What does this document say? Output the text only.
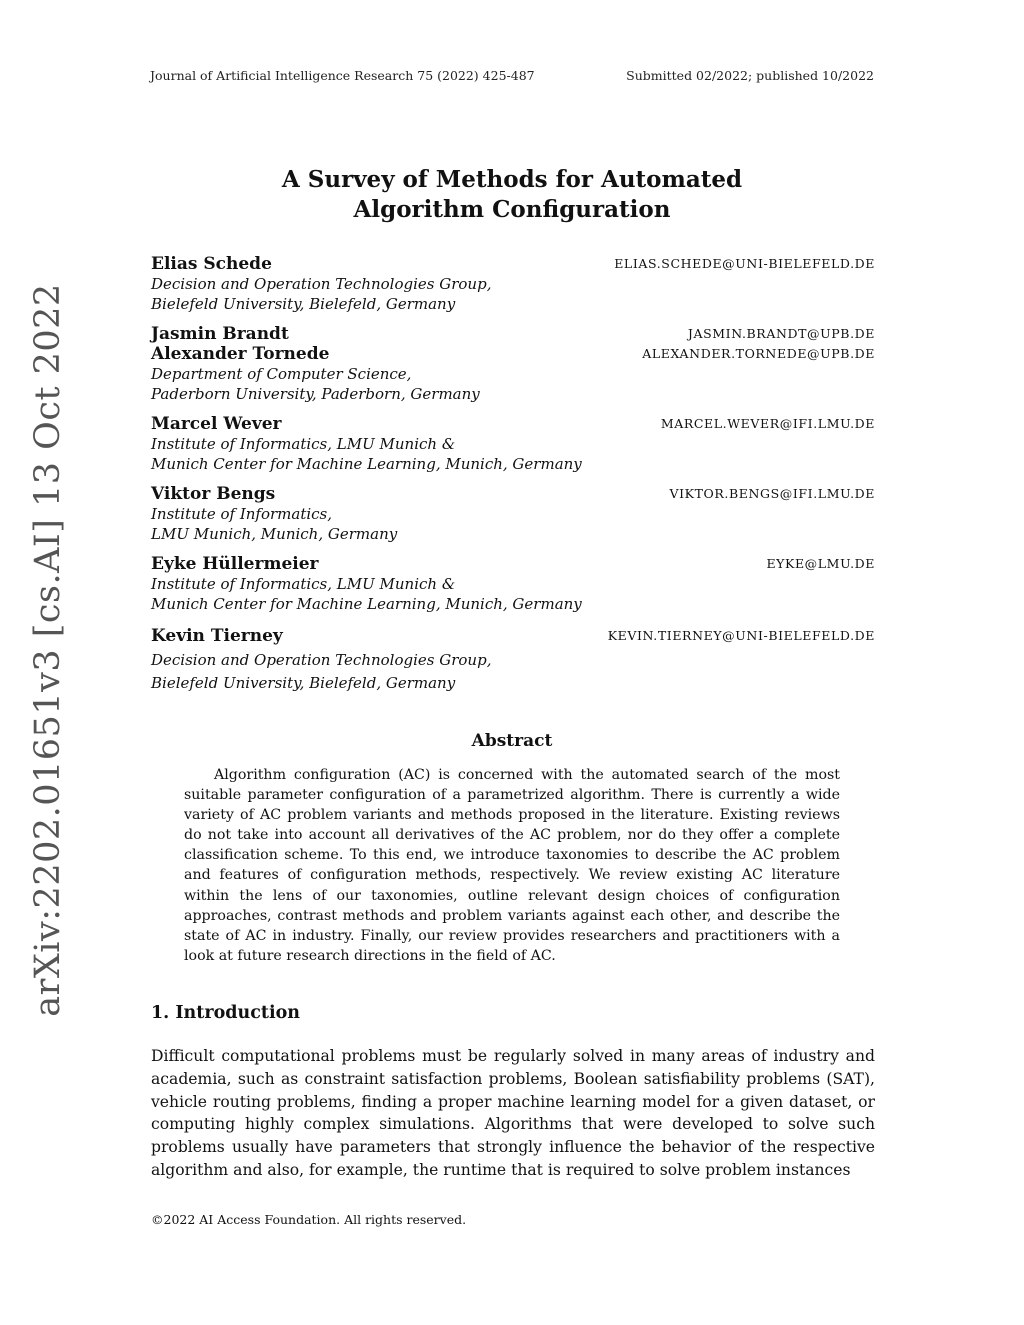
Journal of Artificial Intelligence Research 75 (2022) 425-487	Submitted 02/2022; published 10/2022
arXiv:2202.01651v3 [cs.AI] 13 Oct 2022
A Survey of Methods for Automated
Algorithm Configuration
Elias Schede	ELIAS.SCHEDE@UNI-BIELEFELD.DE
Decision and Operation Technologies Group,
Bielefeld University, Bielefeld, Germany
Jasmin Brandt	JASMIN.BRANDT@UPB.DE
Alexander Tornede	ALEXANDER.TORNEDE@UPB.DE
Department of Computer Science,
Paderborn University, Paderborn, Germany
Marcel Wever	MARCEL.WEVER@IFI.LMU.DE
Institute of Informatics, LMU Munich &
Munich Center for Machine Learning, Munich, Germany
Viktor Bengs	VIKTOR.BENGS@IFI.LMU.DE
Institute of Informatics,
LMU Munich, Munich, Germany
Eyke Hüllermeier	EYKE@LMU.DE
Institute of Informatics, LMU Munich &
Munich Center for Machine Learning, Munich, Germany
Kevin Tierney	KEVIN.TIERNEY@UNI-BIELEFELD.DE
Decision and Operation Technologies Group,
Bielefeld University, Bielefeld, Germany
Abstract
Algorithm configuration (AC) is concerned with the automated search of the most suitable parameter configuration of a parametrized algorithm. There is currently a wide variety of AC problem variants and methods proposed in the literature. Existing reviews do not take into account all derivatives of the AC problem, nor do they offer a complete classification scheme. To this end, we introduce taxonomies to describe the AC problem and features of configuration methods, respectively. We review existing AC literature within the lens of our taxonomies, outline relevant design choices of configuration approaches, contrast methods and problem variants against each other, and describe the state of AC in industry. Finally, our review provides researchers and practitioners with a look at future research directions in the field of AC.
1. Introduction
Difficult computational problems must be regularly solved in many areas of industry and academia, such as constraint satisfaction problems, Boolean satisfiability problems (SAT), vehicle routing problems, finding a proper machine learning model for a given dataset, or computing highly complex simulations. Algorithms that were developed to solve such problems usually have parameters that strongly influence the behavior of the respective algorithm and also, for example, the runtime that is required to solve problem instances
©2022 AI Access Foundation. All rights reserved.
